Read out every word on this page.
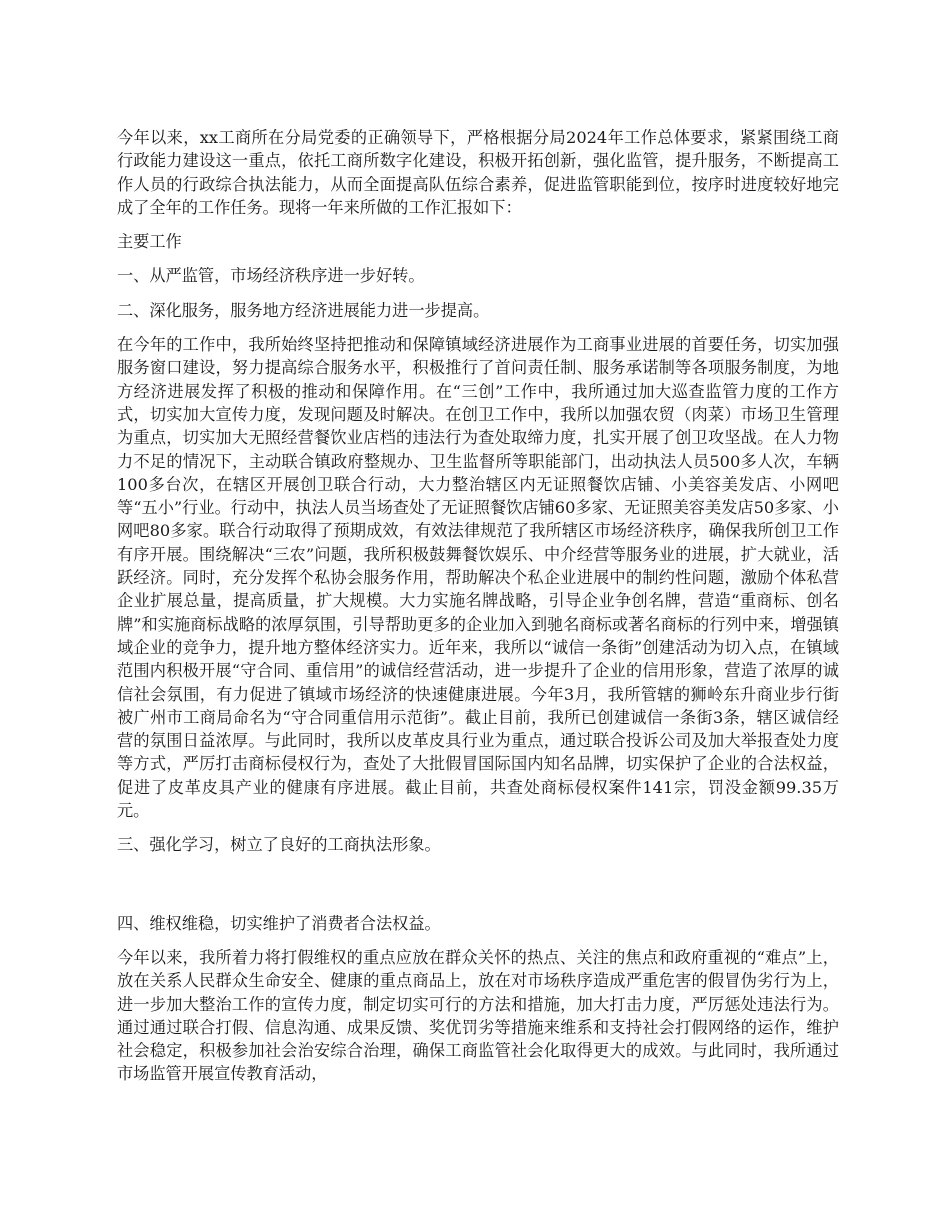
今年以来，xx工商所在分局党委的正确领导下，严格根据分局2024年工作总体要求，紧紧围绕工商行政能力建设这一重点，依托工商所数字化建设，积极开拓创新，强化监管，提升服务，不断提高工作人员的行政综合执法能力，从而全面提高队伍综合素养，促进监管职能到位，按序时进度较好地完成了全年的工作任务。现将一年来所做的工作汇报如下：

主要工作

一、从严监管，市场经济秩序进一步好转。

二、深化服务，服务地方经济进展能力进一步提高。

在今年的工作中，我所始终坚持把推动和保障镇域经济进展作为工商事业进展的首要任务，切实加强服务窗口建设，努力提高综合服务水平，积极推行了首问责任制、服务承诺制等各项服务制度，为地方经济进展发挥了积极的推动和保障作用。在“三创”工作中，我所通过加大巡查监管力度的工作方式，切实加大宣传力度，发现问题及时解决。在创卫工作中，我所以加强农贸（肉菜）市场卫生管理为重点，切实加大无照经营餐饮业店档的违法行为查处取缔力度，扎实开展了创卫攻坚战。在人力物力不足的情况下，主动联合镇政府整规办、卫生监督所等职能部门，出动执法人员500多人次，车辆100多台次，在辖区开展创卫联合行动，大力整治辖区内无证照餐饮店铺、小美容美发店、小网吧等“五小”行业。行动中，执法人员当场查处了无证照餐饮店铺60多家、无证照美容美发店50多家、小网吧80多家。联合行动取得了预期成效，有效法律规范了我所辖区市场经济秩序，确保我所创卫工作有序开展。围绕解决“三农”问题，我所积极鼓舞餐饮娱乐、中介经营等服务业的进展，扩大就业，活跃经济。同时，充分发挥个私协会服务作用，帮助解决个私企业进展中的制约性问题，激励个体私营企业扩展总量，提高质量，扩大规模。大力实施名牌战略，引导企业争创名牌，营造“重商标、创名牌”和实施商标战略的浓厚氛围，引导帮助更多的企业加入到驰名商标或著名商标的行列中来，增强镇域企业的竞争力，提升地方整体经济实力。近年来，我所以“诚信一条街”创建活动为切入点，在镇域范围内积极开展“守合同、重信用”的诚信经营活动，进一步提升了企业的信用形象，营造了浓厚的诚信社会氛围，有力促进了镇域市场经济的快速健康进展。今年3月，我所管辖的狮岭东升商业步行街被广州市工商局命名为“守合同重信用示范街”。截止目前，我所已创建诚信一条街3条，辖区诚信经营的氛围日益浓厚。与此同时，我所以皮革皮具行业为重点，通过联合投诉公司及加大举报查处力度等方式，严厉打击商标侵权行为，查处了大批假冒国际国内知名品牌，切实保护了企业的合法权益，促进了皮革皮具产业的健康有序进展。截止目前，共查处商标侵权案件141宗，罚没金额99.35万元。

三、强化学习，树立了良好的工商执法形象。

四、维权维稳，切实维护了消费者合法权益。

今年以来，我所着力将打假维权的重点应放在群众关怀的热点、关注的焦点和政府重视的“难点”上，放在关系人民群众生命安全、健康的重点商品上，放在对市场秩序造成严重危害的假冒伪劣行为上，进一步加大整治工作的宣传力度，制定切实可行的方法和措施，加大打击力度，严厉惩处违法行为。通过通过联合打假、信息沟通、成果反馈、奖优罚劣等措施来维系和支持社会打假网络的运作，维护社会稳定，积极参加社会治安综合治理，确保工商监管社会化取得更大的成效。与此同时，我所通过市场监管开展宣传教育活动，
